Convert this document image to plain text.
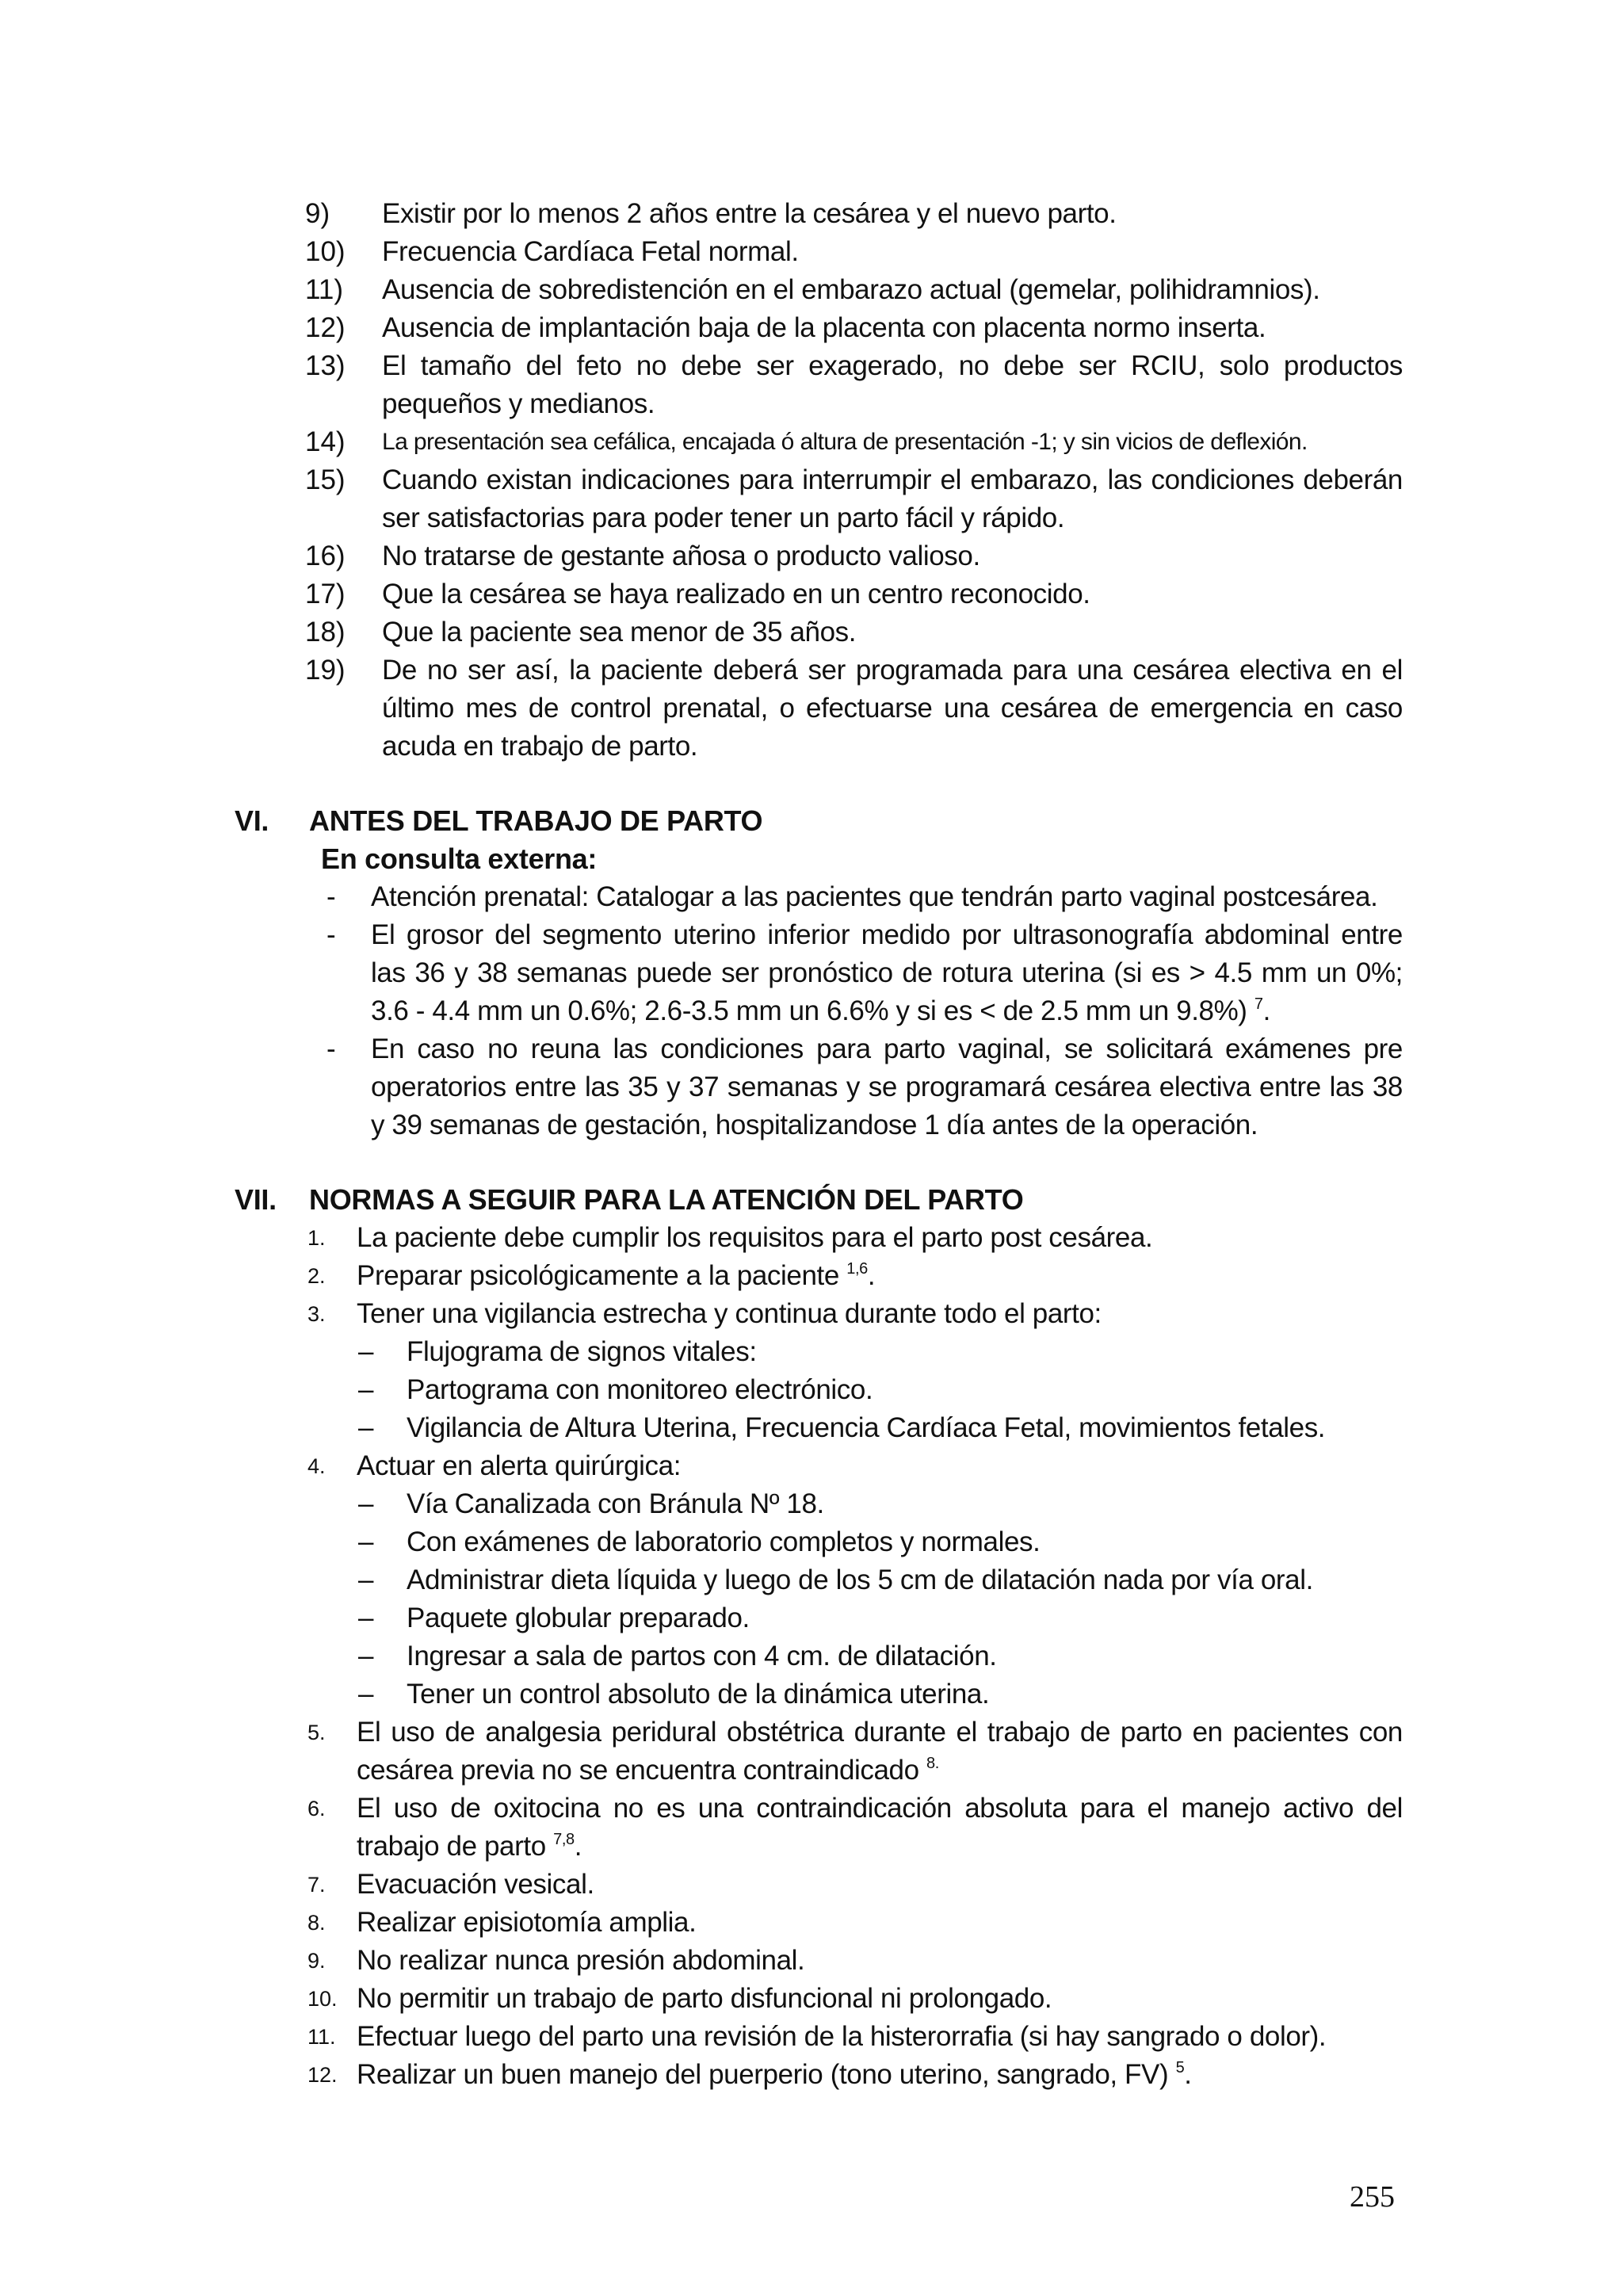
9) Existir por lo menos 2 años entre la cesárea y el nuevo parto.
10) Frecuencia Cardíaca Fetal normal.
11) Ausencia de sobredistención en el embarazo actual (gemelar, polihidramnios).
12) Ausencia de implantación baja de la placenta con placenta normo inserta.
13) El tamaño del feto no debe ser exagerado, no debe ser RCIU, solo productos
pequeños y medianos.
14) La presentación sea cefálica, encajada ó altura de presentación -1; y sin vicios de deflexión.
15) Cuando existan indicaciones para interrumpir el embarazo, las condiciones deberán
ser satisfactorias para poder tener un parto fácil y rápido.
16) No tratarse de gestante añosa o producto valioso.
17) Que la cesárea se haya realizado en un centro reconocido.
18) Que la paciente sea menor de 35 años.
19) De no ser así, la paciente deberá ser programada para una cesárea electiva en el
último mes de control prenatal, o efectuarse una cesárea de emergencia en caso
acuda en trabajo de parto.
VI. ANTES DEL TRABAJO DE PARTO
En consulta externa:
- Atención prenatal: Catalogar a las pacientes que tendrán parto vaginal postcesárea.
- El grosor del segmento uterino inferior medido por ultrasonografía abdominal entre
las 36 y 38 semanas puede ser pronóstico de rotura uterina (si es > 4.5 mm un 0%;
3.6 - 4.4 mm un 0.6%; 2.6-3.5 mm un 6.6% y si es < de 2.5 mm un 9.8%) $^7$.
- En caso no reuna las condiciones para parto vaginal, se solicitará exámenes pre
operatorios entre las 35 y 37 semanas y se programará cesárea electiva entre las 38
y 39 semanas de gestación, hospitalizandose 1 día antes de la operación.
VII. NORMAS A SEGUIR PARA LA ATENCIÓN DEL PARTO
1. La paciente debe cumplir los requisitos para el parto post cesárea.
2. Preparar psicológicamente a la paciente $^{1,6}$.
3. Tener una vigilancia estrecha y continua durante todo el parto:
– Flujograma de signos vitales:
– Partograma con monitoreo electrónico.
– Vigilancia de Altura Uterina, Frecuencia Cardíaca Fetal, movimientos fetales.
4. Actuar en alerta quirúrgica:
– Vía Canalizada con Bránula Nº 18.
– Con exámenes de laboratorio completos y normales.
– Administrar dieta líquida y luego de los 5 cm de dilatación nada por vía oral.
– Paquete globular preparado.
– Ingresar a sala de partos con 4 cm. de dilatación.
– Tener un control absoluto de la dinámica uterina.
5. El uso de analgesia peridural obstétrica durante el trabajo de parto en pacientes con
cesárea previa no se encuentra contraindicado $^{8.}$
6. El uso de oxitocina no es una contraindicación absoluta para el manejo activo del
trabajo de parto $^{7,8}$.
7. Evacuación vesical.
8. Realizar episiotomía amplia.
9. No realizar nunca presión abdominal.
10. No permitir un trabajo de parto disfuncional ni prolongado.
11. Efectuar luego del parto una revisión de la histerorrafia (si hay sangrado o dolor).
12. Realizar un buen manejo del puerperio (tono uterino, sangrado, FV) $^5$.
255
